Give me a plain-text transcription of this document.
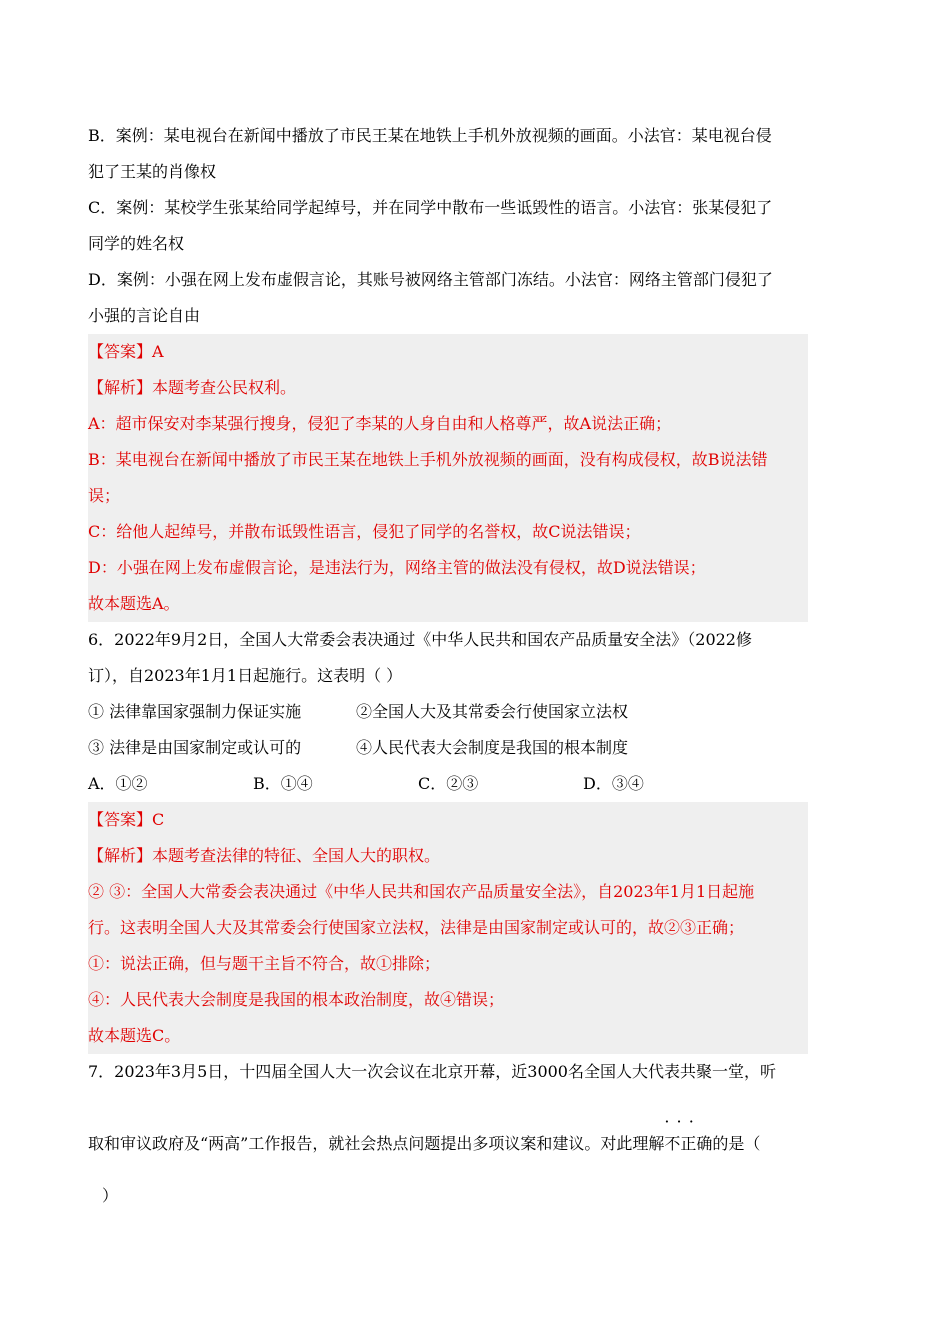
B．案例：某电视台在新闻中播放了市民王某在地铁上手机外放视频的画面。小法官：某电视台侵
犯了王某的肖像权
C．案例：某校学生张某给同学起绰号，并在同学中散布一些诋毁性的语言。小法官：张某侵犯了
同学的姓名权
D．案例：小强在网上发布虚假言论，其账号被网络主管部门冻结。小法官：网络主管部门侵犯了
小强的言论自由
【答案】A
【解析】本题考查公民权利。
A：超市保安对李某强行搜身，侵犯了李某的人身自由和人格尊严，故A说法正确；
B：某电视台在新闻中播放了市民王某在地铁上手机外放视频的画面，没有构成侵权，故B说法错
误；
C：给他人起绰号，并散布诋毁性语言，侵犯了同学的名誉权，故C说法错误；
D：小强在网上发布虚假言论，是违法行为，网络主管的做法没有侵权，故D说法错误；
故本题选A。
6．2022年9月2日，全国人大常委会表决通过《中华人民共和国农产品质量安全法》（2022修
订），自2023年1月1日起施行。这表明（ ）
① 法律靠国家强制力保证实施	②全国人大及其常委会行使国家立法权
③ 法律是由国家制定或认可的	④人民代表大会制度是我国的根本制度
A．①②	B．①④	C．②③	D．③④
【答案】C
【解析】本题考查法律的特征、全国人大的职权。
② ③：全国人大常委会表决通过《中华人民共和国农产品质量安全法》，自2023年1月1日起施
行。这表明全国人大及其常委会行使国家立法权，法律是由国家制定或认可的，故②③正确；
①：说法正确，但与题干主旨不符合，故①排除；
④：人民代表大会制度是我国的根本政治制度，故④错误；
故本题选C。
7．2023年3月5日，十四届全国人大一次会议在北京开幕，近3000名全国人大代表共聚一堂，听
取和审议政府及“两高”工作报告，就社会热点问题提出多项议案和建议。对此理解· · · 不正确的是（
）
